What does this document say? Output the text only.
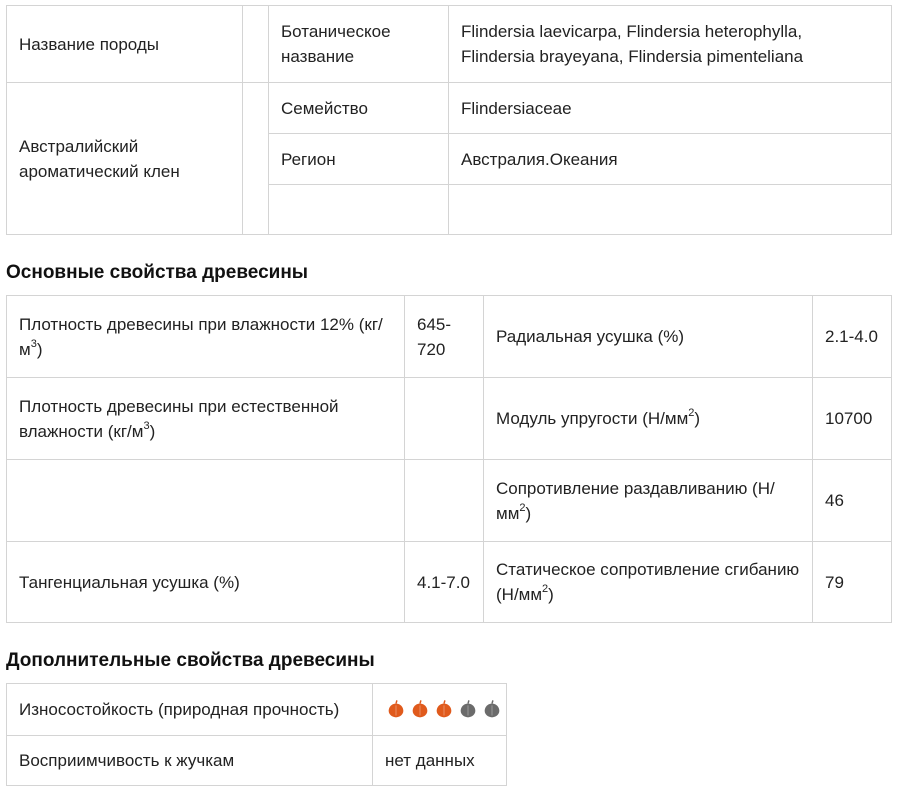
Название породы		Ботаническое название	Flindersia laevicarpa, Flindersia heterophylla, Flindersia brayeyana, Flindersia pimenteliana
Австралийский ароматический клен		Семейство	Flindersiaceae
		Регион	Австралия.Океания

Основные свойства древесины
Плотность древесины при влажности 12% $(кг/м^3)$	645-720	Радиальная усушка (%)	2.1-4.0
Плотность древесины при естественной влажности $(кг/м^3)$		Модуль упругости $(Н/мм^2)$	10700
		Сопротивление раздавливанию $(Н/мм^2)$	46
Тангенциальная усушка (%)	4.1-7.0	Статическое сопротивление сгибанию $(Н/мм^2)$	79
Дополнительные свойства древесины
Износостойкость (природная прочность)	

Восприимчивость к жучкам	нет данных
